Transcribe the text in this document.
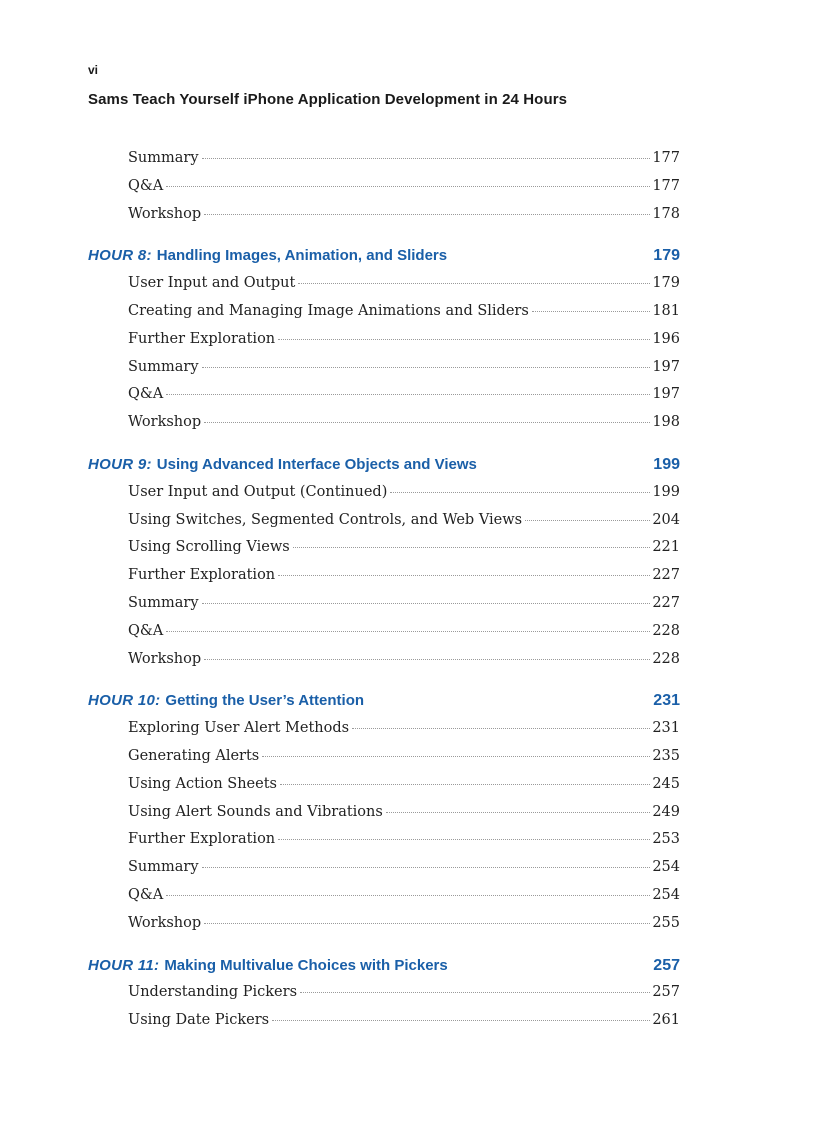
vi
Sams Teach Yourself iPhone Application Development in 24 Hours
Summary	177
Q&A	177
Workshop	178
HOUR 8: Handling Images, Animation, and Sliders	179
User Input and Output	179
Creating and Managing Image Animations and Sliders	181
Further Exploration	196
Summary	197
Q&A	197
Workshop	198
HOUR 9: Using Advanced Interface Objects and Views	199
User Input and Output (Continued)	199
Using Switches, Segmented Controls, and Web Views	204
Using Scrolling Views	221
Further Exploration	227
Summary	227
Q&A	228
Workshop	228
HOUR 10: Getting the User’s Attention	231
Exploring User Alert Methods	231
Generating Alerts	235
Using Action Sheets	245
Using Alert Sounds and Vibrations	249
Further Exploration	253
Summary	254
Q&A	254
Workshop	255
HOUR 11: Making Multivalue Choices with Pickers	257
Understanding Pickers	257
Using Date Pickers	261
